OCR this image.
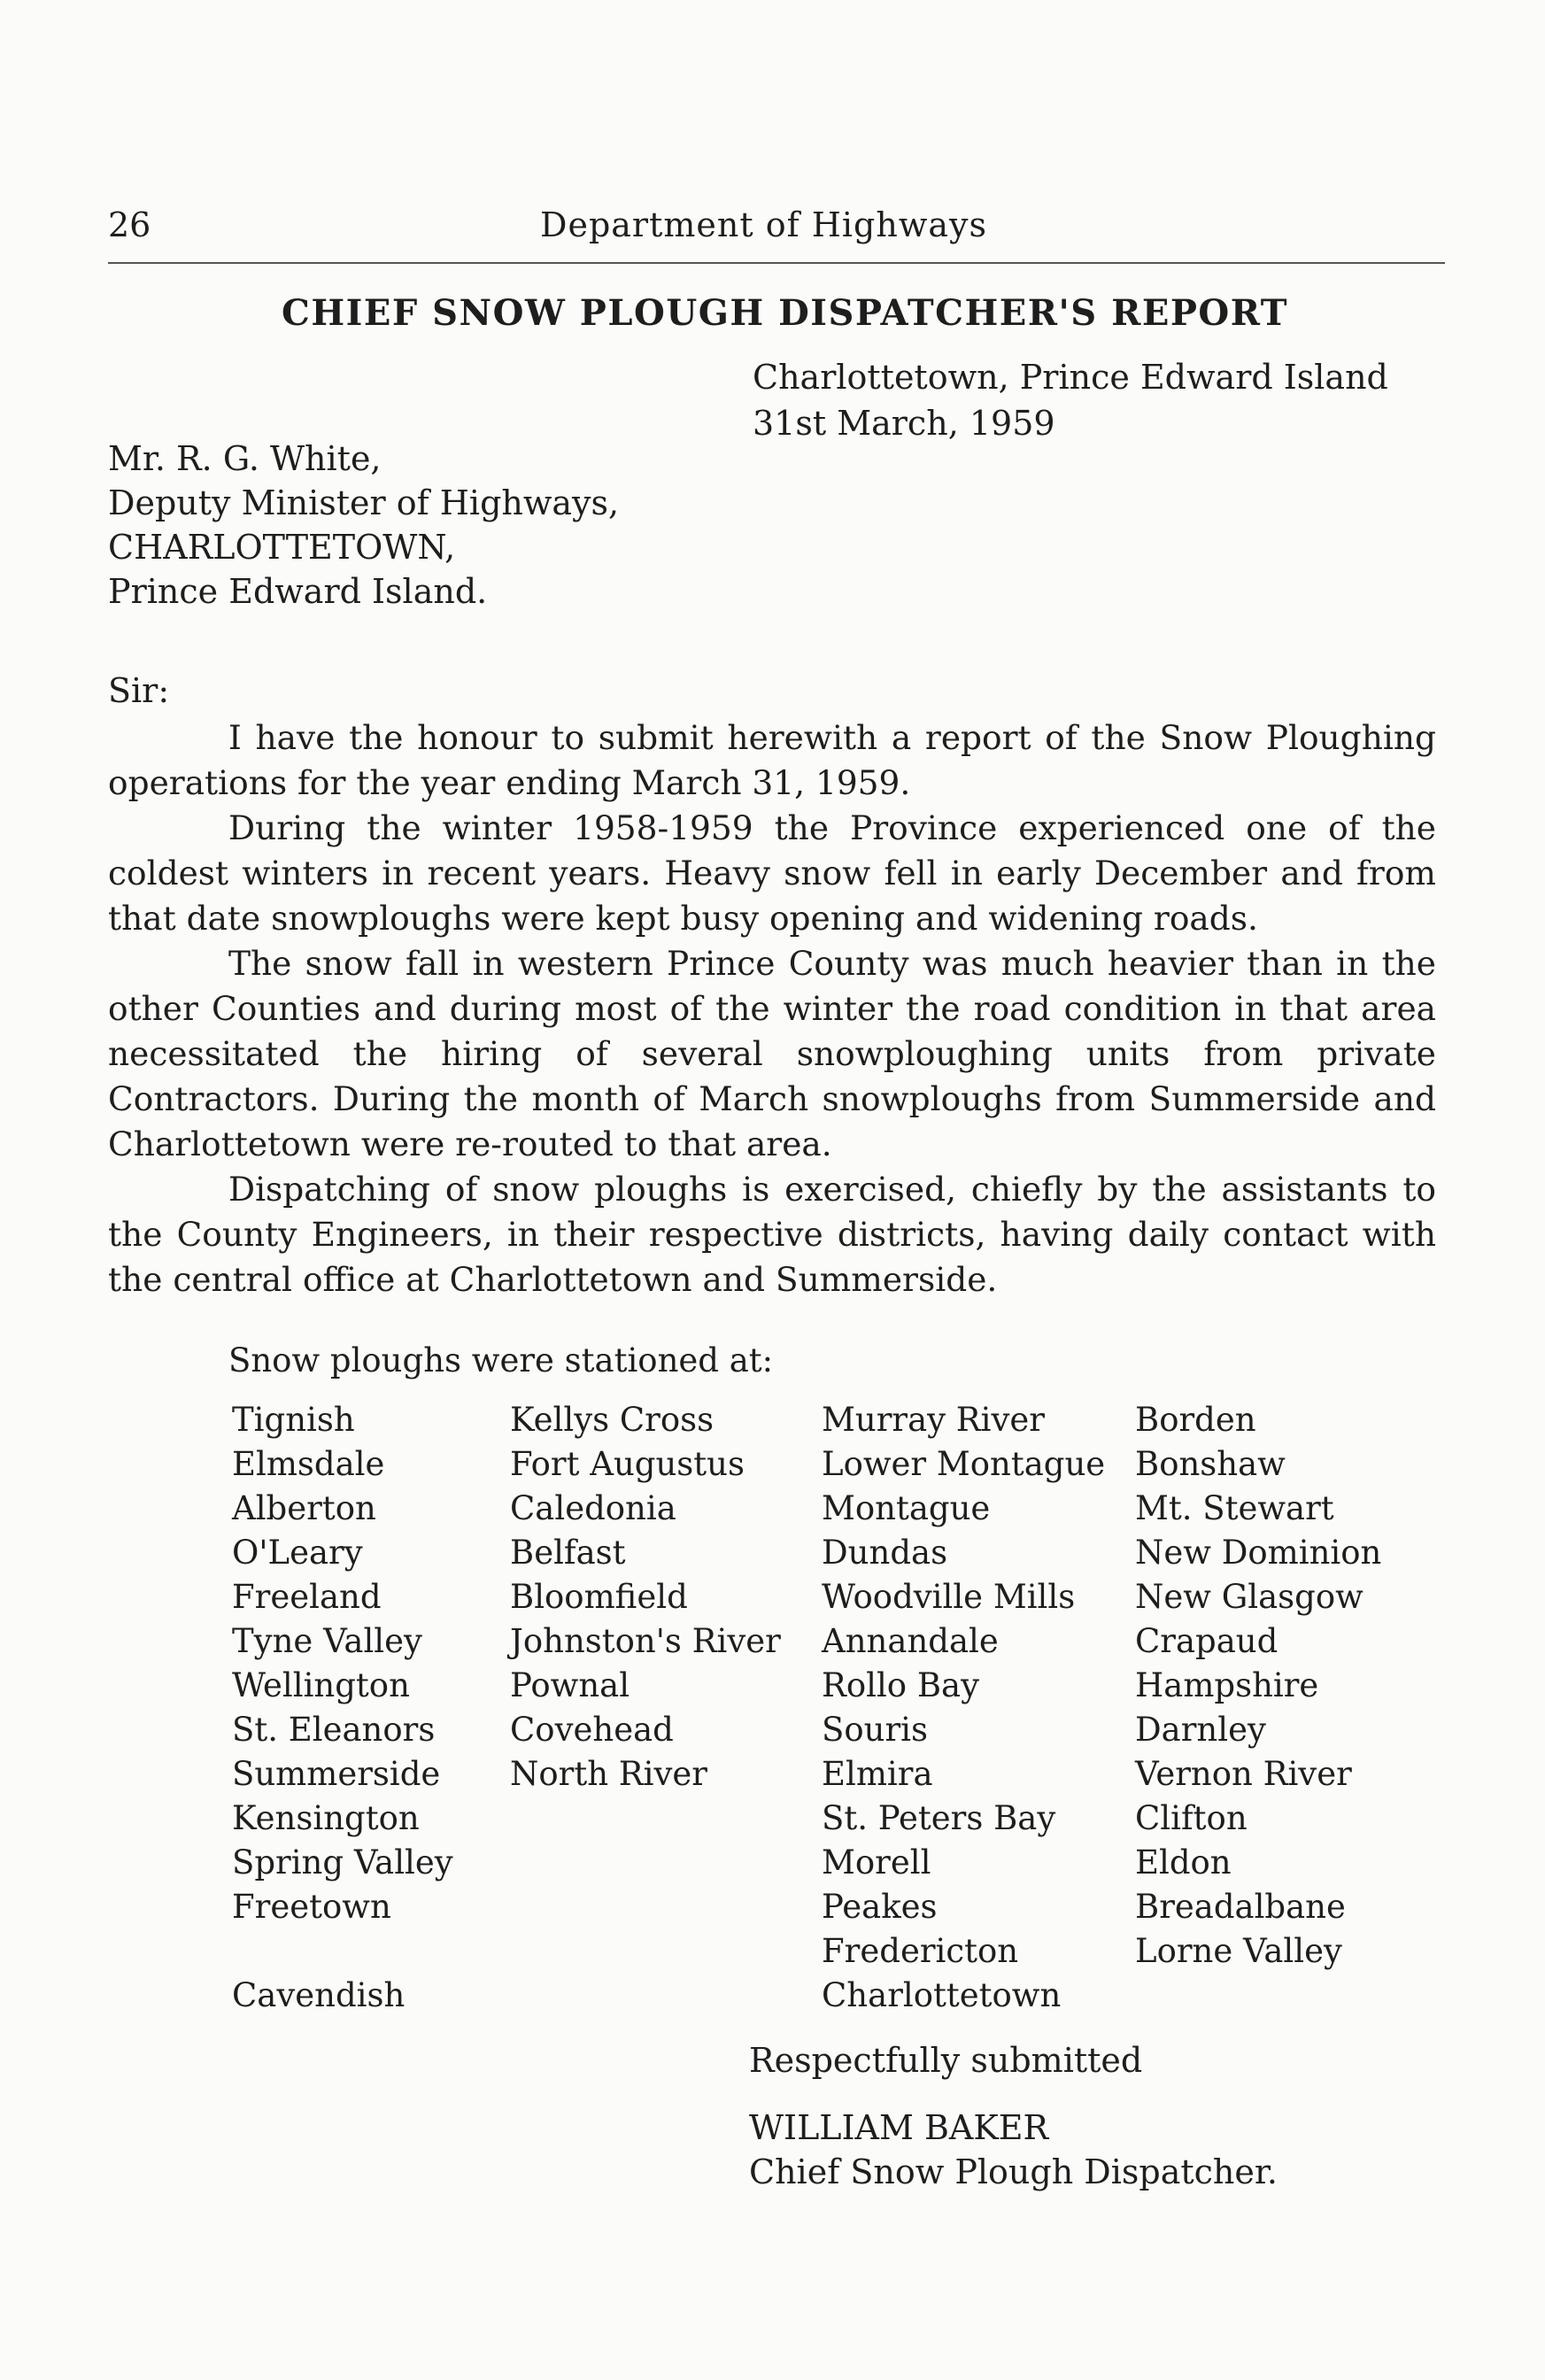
26	Department of Highways
CHIEF SNOW PLOUGH DISPATCHER'S REPORT
Charlottetown, Prince Edward Island
31st March, 1959
Mr. R. G. White,
Deputy Minister of Highways,
CHARLOTTETOWN,
Prince Edward Island.
Sir:

I have the honour to submit herewith a report of the Snow Ploughing operations for the year ending March 31, 1959.

During the winter 1958-1959 the Province experienced one of the coldest winters in recent years. Heavy snow fell in early December and from that date snowploughs were kept busy opening and widening roads.

The snow fall in western Prince County was much heavier than in the other Counties and during most of the winter the road condition in that area necessitated the hiring of several snowploughing units from private Contractors. During the month of March snowploughs from Summerside and Charlottetown were re-routed to that area.

Dispatching of snow ploughs is exercised, chiefly by the assistants to the County Engineers, in their respective districts, having daily contact with the central office at Charlottetown and Summerside.

Snow ploughs were stationed at:
Tignish
Elmsdale
Alberton
O'Leary
Freeland
Tyne Valley
Wellington
St. Eleanors
Summerside
Kensington
Spring Valley
Freetown
Cavendish
Kellys Cross
Fort Augustus
Caledonia
Belfast
Bloomfield
Johnston's River
Pownal
Covehead
North River
Murray River
Lower Montague
Montague
Dundas
Woodville Mills
Annandale
Rollo Bay
Souris
Elmira
St. Peters Bay
Morell
Peakes
Fredericton
Charlottetown
Borden
Bonshaw
Mt. Stewart
New Dominion
New Glasgow
Crapaud
Hampshire
Darnley
Vernon River
Clifton
Eldon
Breadalbane
Lorne Valley
Respectfully submitted
WILLIAM BAKER
Chief Snow Plough Dispatcher.
